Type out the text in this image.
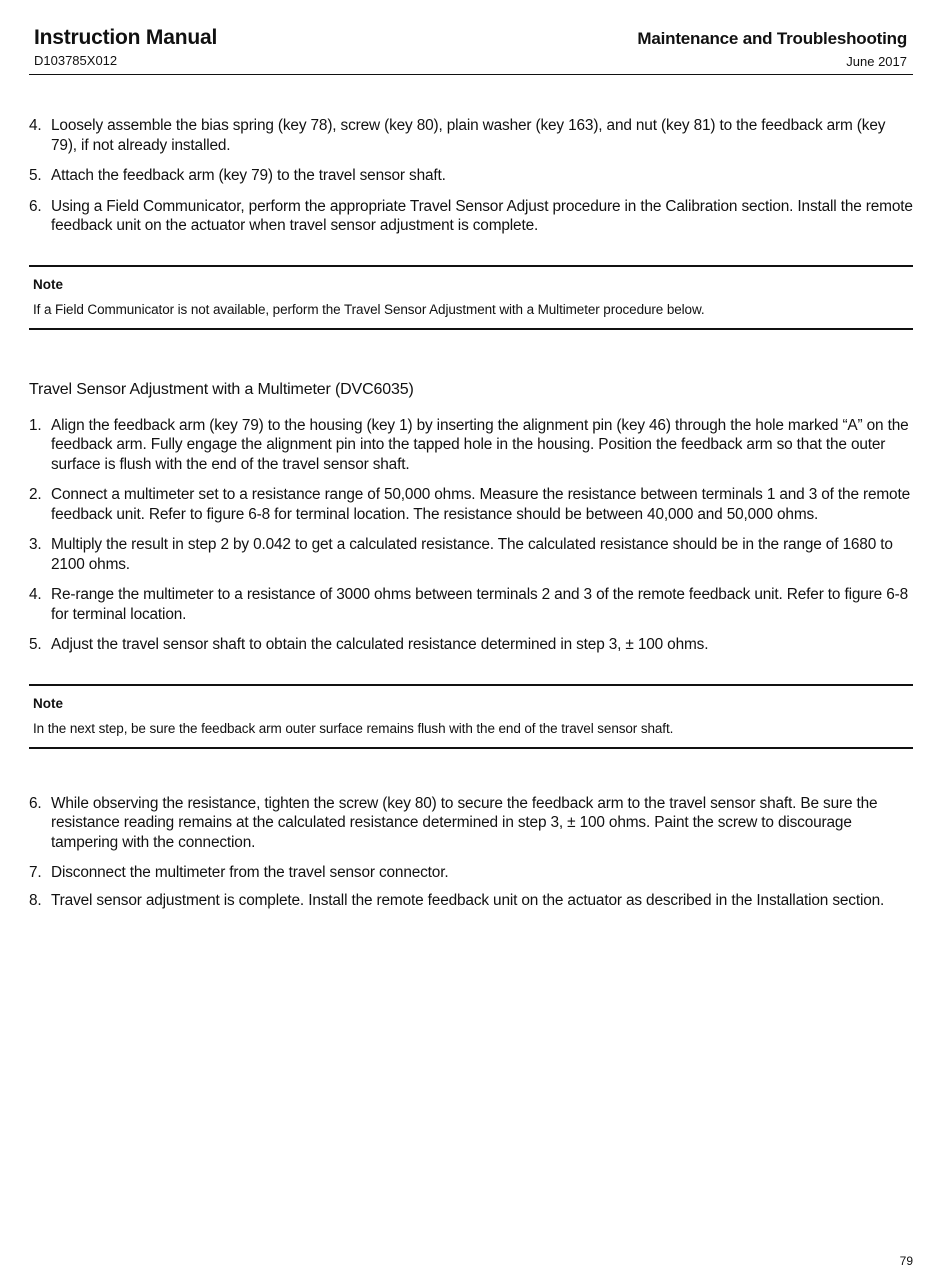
Instruction Manual
D103785X012
Maintenance and Troubleshooting
June 2017
4. Loosely assemble the bias spring (key 78), screw (key 80), plain washer (key 163), and nut (key 81) to the feedback arm (key 79), if not already installed.
5. Attach the feedback arm (key 79) to the travel sensor shaft.
6. Using a Field Communicator, perform the appropriate Travel Sensor Adjust procedure in the Calibration section. Install the remote feedback unit on the actuator when travel sensor adjustment is complete.
Note
If a Field Communicator is not available, perform the Travel Sensor Adjustment with a Multimeter procedure below.
Travel Sensor Adjustment with a Multimeter (DVC6035)
1. Align the feedback arm (key 79) to the housing (key 1) by inserting the alignment pin (key 46) through the hole marked “A” on the feedback arm. Fully engage the alignment pin into the tapped hole in the housing. Position the feedback arm so that the outer surface is flush with the end of the travel sensor shaft.
2. Connect a multimeter set to a resistance range of 50,000 ohms. Measure the resistance between terminals 1 and 3 of the remote feedback unit. Refer to figure 6-8 for terminal location. The resistance should be between 40,000 and 50,000 ohms.
3. Multiply the result in step 2 by 0.042 to get a calculated resistance. The calculated resistance should be in the range of 1680 to 2100 ohms.
4. Re-range the multimeter to a resistance of 3000 ohms between terminals 2 and 3 of the remote feedback unit. Refer to figure 6-8 for terminal location.
5. Adjust the travel sensor shaft to obtain the calculated resistance determined in step 3, ± 100 ohms.
Note
In the next step, be sure the feedback arm outer surface remains flush with the end of the travel sensor shaft.
6. While observing the resistance, tighten the screw (key 80) to secure the feedback arm to the travel sensor shaft. Be sure the resistance reading remains at the calculated resistance determined in step 3, ± 100 ohms. Paint the screw to discourage tampering with the connection.
7. Disconnect the multimeter from the travel sensor connector.
8. Travel sensor adjustment is complete. Install the remote feedback unit on the actuator as described in the Installation section.
79
